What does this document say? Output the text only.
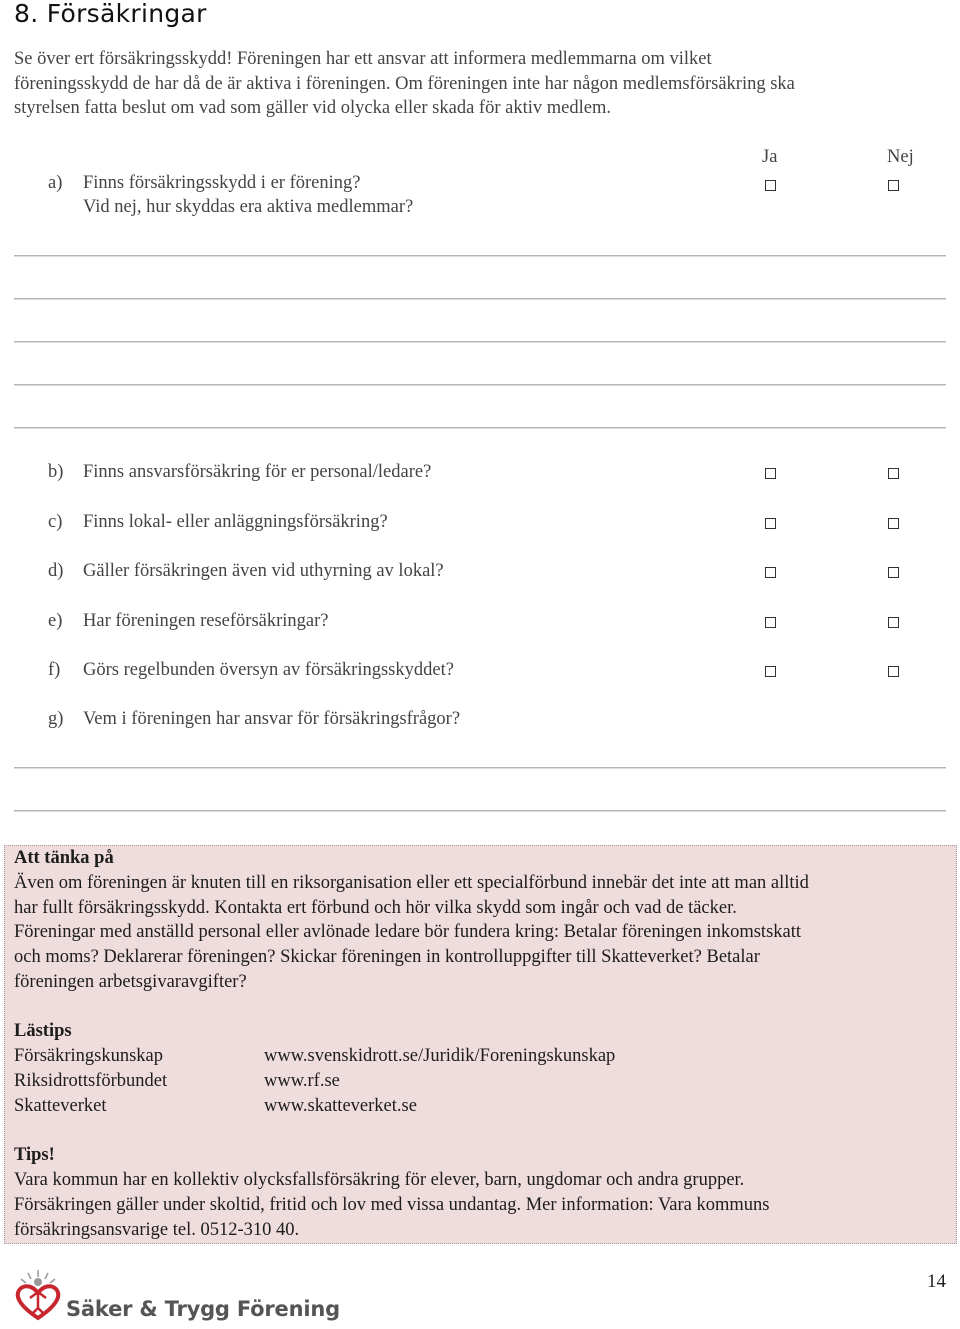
8. Försäkringar
Se över ert försäkringsskydd! Föreningen har ett ansvar att informera medlemmarna om vilket
föreningsskydd de har då de är aktiva i föreningen. Om föreningen inte har någon medlemsförsäkring ska
styrelsen fatta beslut om vad som gäller vid olycka eller skada för aktiv medlem.
Ja	Nej
a) Finns försäkringsskydd i er förening?
Vid nej, hur skyddas era aktiva medlemmar?
b) Finns ansvarsförsäkring för er personal/ledare?
c) Finns lokal- eller anläggningsförsäkring?
d) Gäller försäkringen även vid uthyrning av lokal?
e) Har föreningen reseförsäkringar?
f) Görs regelbunden översyn av försäkringsskyddet?
g) Vem i föreningen har ansvar för försäkringsfrågor?
Att tänka på
Även om föreningen är knuten till en riksorganisation eller ett specialförbund innebär det inte att man alltid
har fullt försäkringsskydd. Kontakta ert förbund och hör vilka skydd som ingår och vad de täcker.
Föreningar med anställd personal eller avlönade ledare bör fundera kring: Betalar föreningen inkomstskatt
och moms? Deklarerar föreningen? Skickar föreningen in kontrolluppgifter till Skatteverket? Betalar
föreningen arbetsgivaravgifter?
Lästips
Försäkringskunskap	www.svenskidrott.se/Juridik/Foreningskunskap
Riksidrottsförbundet	www.rf.se
Skatteverket	www.skatteverket.se
Tips!
Vara kommun har en kollektiv olycksfallsförsäkring för elever, barn, ungdomar och andra grupper.
Försäkringen gäller under skoltid, fritid och lov med vissa undantag. Mer information: Vara kommuns
försäkringsansvarige tel. 0512-310 40.
Säker & Trygg Förening
14
